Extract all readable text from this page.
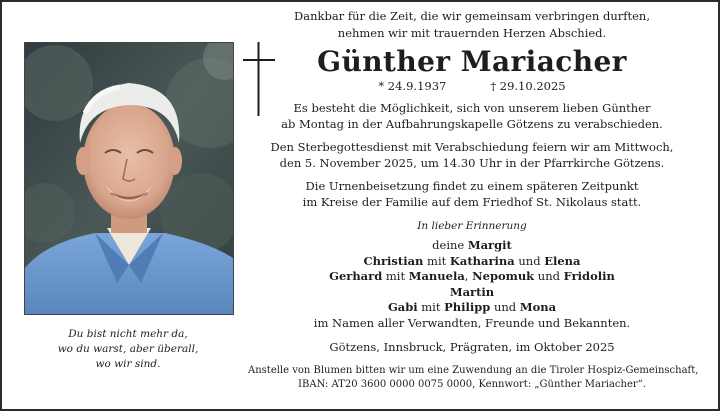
Du bist nicht mehr da,
wo du warst, aber überall,
wo wir sind.
Dankbar für die Zeit, die wir gemeinsam verbringen durften,
nehmen wir mit trauernden Herzen Abschied.
Günther Mariacher
* 24.9.1937	† 29.10.2025
Es besteht die Möglichkeit, sich von unserem lieben Günther
ab Montag in der Aufbahrungskapelle Götzens zu verabschieden.
Den Sterbegottesdienst mit Verabschiedung feiern wir am Mittwoch,
den 5. November 2025, um 14.30 Uhr in der Pfarrkirche Götzens.
Die Urnenbeisetzung findet zu einem späteren Zeitpunkt
im Kreise der Familie auf dem Friedhof St. Nikolaus statt.
In lieber Erinnerung
deine Margit
Christian mit Katharina und Elena
Gerhard mit Manuela, Nepomuk und Fridolin
Martin
Gabi mit Philipp und Mona
im Namen aller Verwandten, Freunde und Bekannten.
Götzens, Innsbruck, Prägraten, im Oktober 2025
Anstelle von Blumen bitten wir um eine Zuwendung an die Tiroler Hospiz-Gemeinschaft,
IBAN: AT20 3600 0000 0075 0000, Kennwort: „Günther Mariacher“.
